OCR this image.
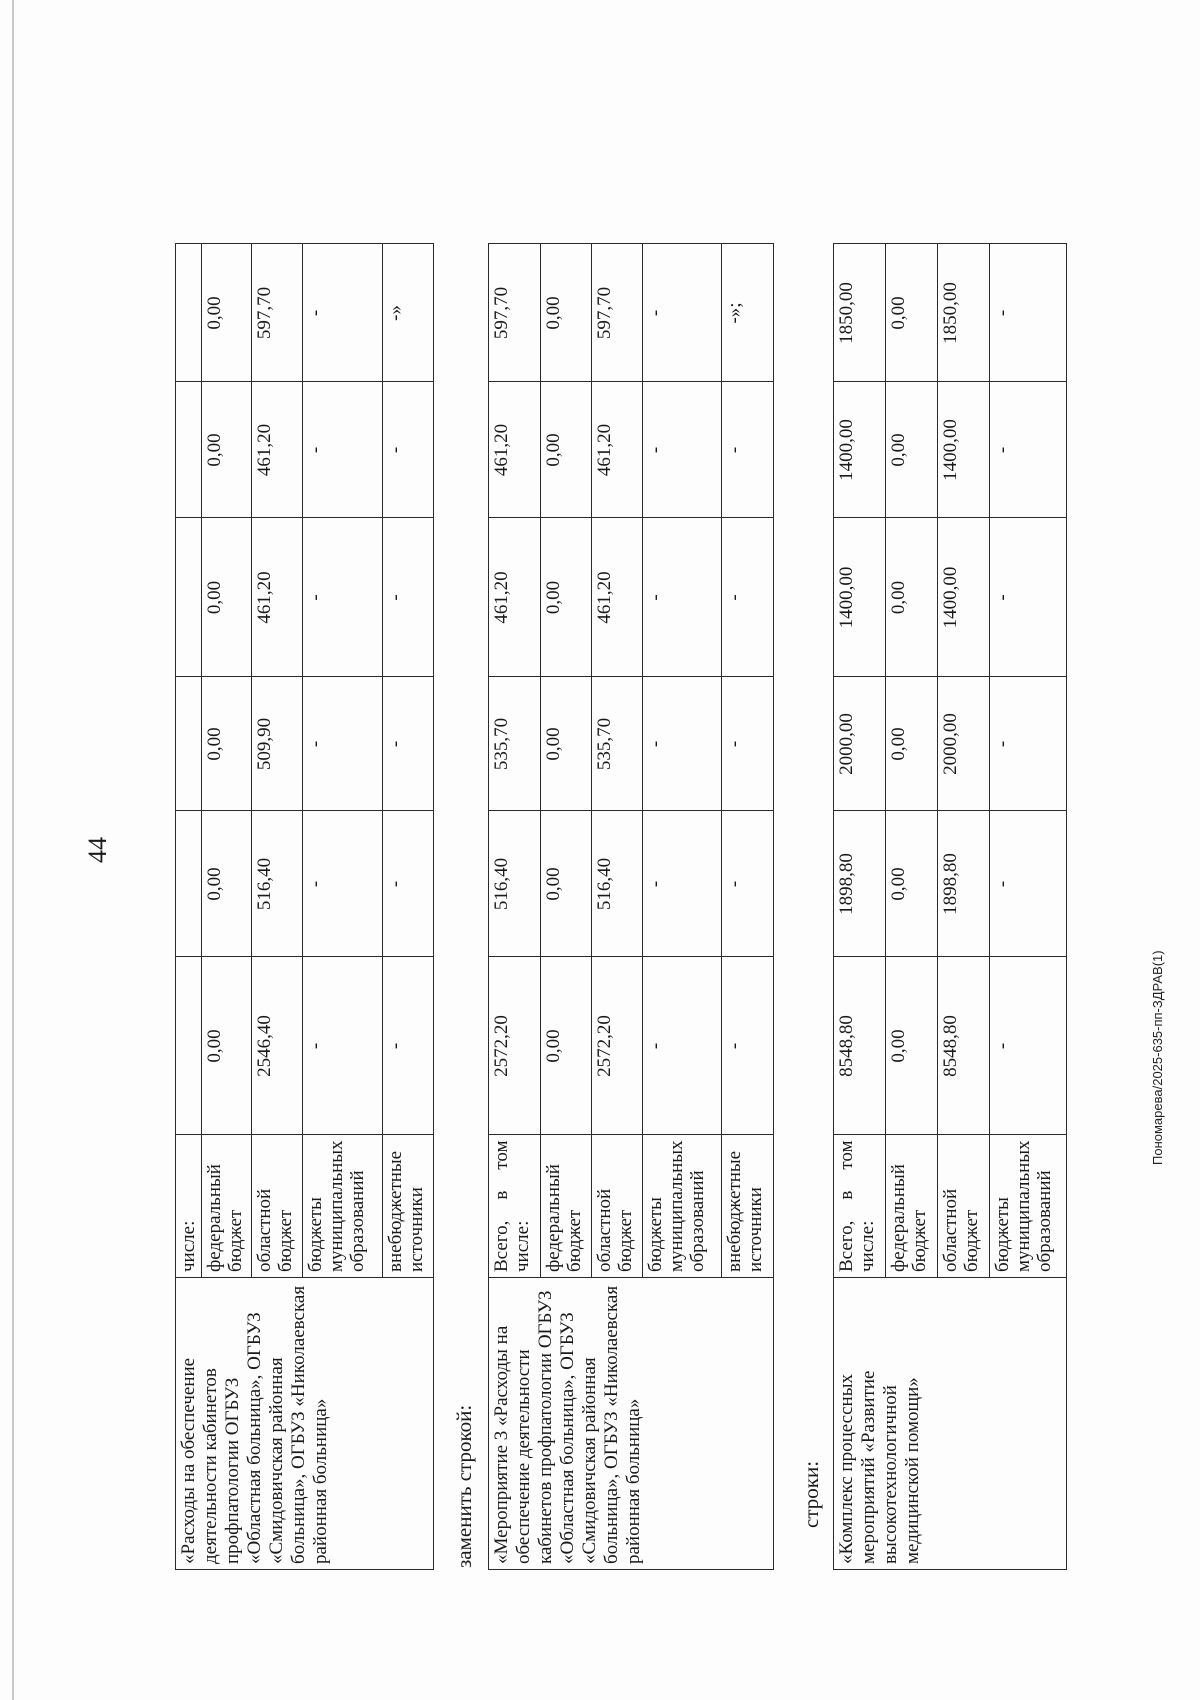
44
«Расходы на обеспечение деятельности кабинетов профпатологии ОГБУЗ «Областная больница», ОГБУЗ «Смидовичская районная больница», ОГБУЗ «Николаевская районная больница»	числе:						
	федеральный бюджет	0,00	0,00	0,00	0,00	0,00	0,00
	областной бюджет	2546,40	516,40	509,90	461,20	461,20	597,70
	бюджеты муниципальных образований	-	-	-	-	-	-
	внебюджетные источники	-	-	-	-	-	-»
заменить строкой: «Мероприятие 3 «Расходы на обеспечение деятельности кабинетов профпатологии ОГБУЗ «Областная больница», ОГБУЗ «Смидовичская районная больница», ОГБУЗ «Николаевская районная больница»	Всего, в том числе:	2572,20	516,40	535,70	461,20	461,20	597,70
	федеральный бюджет	0,00	0,00	0,00	0,00	0,00	0,00
	областной бюджет	2572,20	516,40	535,70	461,20	461,20	597,70
	бюджеты муниципальных образований	-	-	-	-	-	-
	внебюджетные источники	-	-	-	-	-	-»;
строки: «Комплекс процессных мероприятий «Развитие высокотехнологичной медицинской помощи»	Всего, в том числе:	8548,80	1898,80	2000,00	1400,00	1400,00	1850,00
	федеральный бюджет	0,00	0,00	0,00	0,00	0,00	0,00
	областной бюджет	8548,80	1898,80	2000,00	1400,00	1400,00	1850,00
	бюджеты муниципальных образований	-	-	-	-	-	-
Пономарева/2025-635-пп-ЗДРАВ(1)
